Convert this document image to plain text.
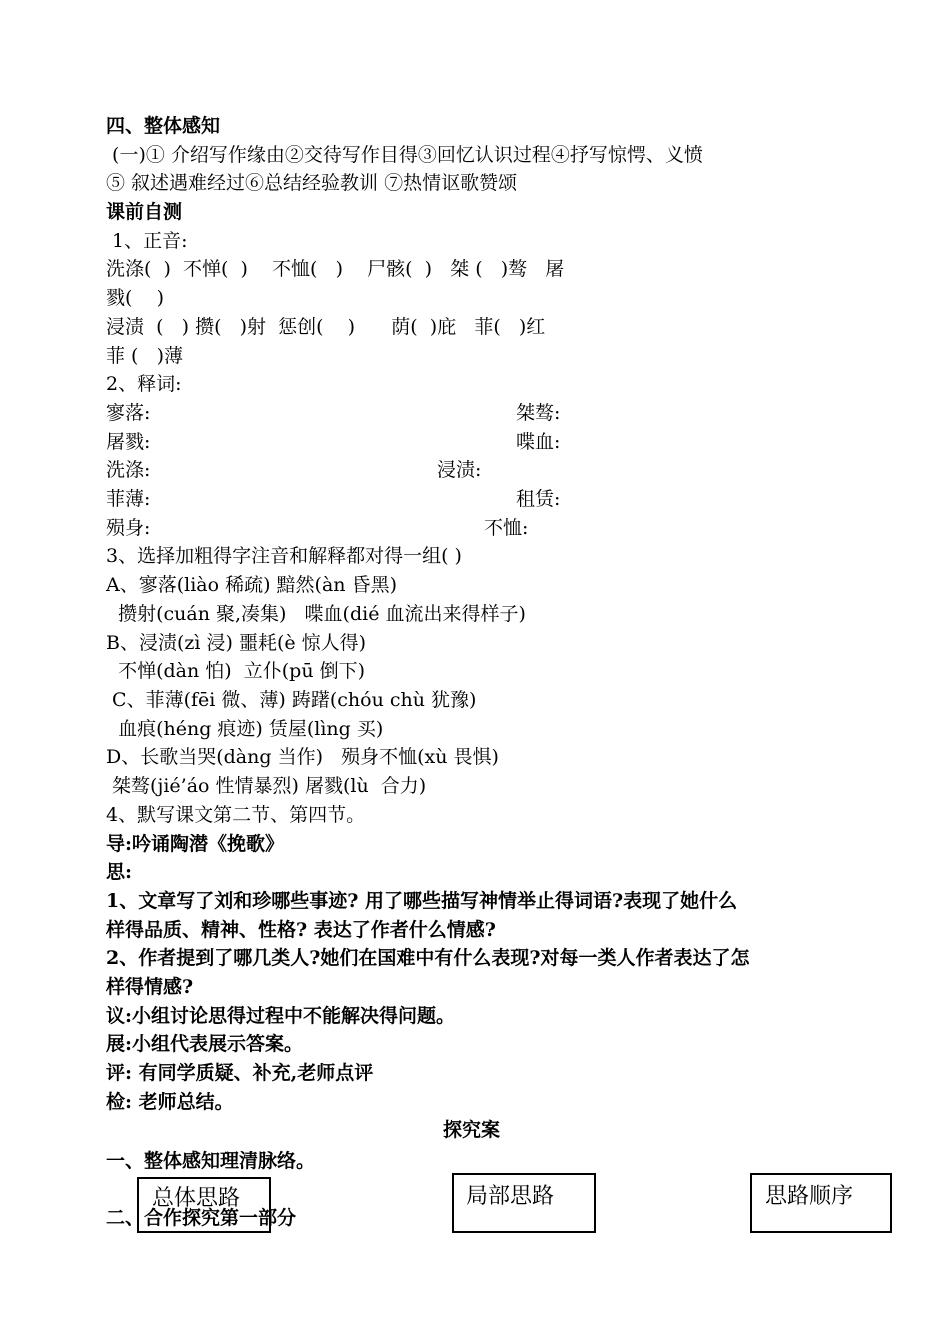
四、整体感知
(一)① 介绍写作缘由②交待写作目得③回忆认识过程④抒写惊愕、义愤
⑤ 叙述遇难经过⑥总结经验教训 ⑦热情讴歌赞颂
课前自测
1、正音:
洗涤(  )  不惮(  )    不恤(   )    尸骸(  )   桀 (   )骜   屠
戮(    )
浸渍  (   ) 攒(   )射  惩创(    )      荫(  )庇   菲(   )红
菲 (   )薄
2、释词:
寥落:	桀骜:
屠戮:	喋血:
洗涤:	浸渍:
菲薄:	租赁:
殒身:	不恤:
3、选择加粗得字注音和解释都对得一组( )
A、寥落(liào 稀疏) 黯然(àn 昏黑)
攒射(cuán 聚,凑集)   喋血(dié 血流出来得样子)
B、浸渍(zì 浸) 噩耗(è 惊人得)
不惮(dàn 怕)  立仆(pū 倒下)
C、菲薄(fēi 微、薄) 踌躇(chóu chù 犹豫)
血痕(héng 痕迹) 赁屋(lìng 买)
D、长歌当哭(dàng 当作)   殒身不恤(xù 畏惧)
桀骜(jié’áo 性情暴烈) 屠戮(lù  合力)
4、默写课文第二节、第四节。
导:吟诵陶潜《挽歌》
思:
1、文章写了刘和珍哪些事迹? 用了哪些描写神情举止得词语?表现了她什么
样得品质、精神、性格? 表达了作者什么情感?
2、作者提到了哪几类人?她们在国难中有什么表现?对每一类人作者表达了怎
样得情感?
议:小组讨论思得过程中不能解决得问题。
展:小组代表展示答案。
评: 有同学质疑、补充,老师点评
检: 老师总结。
探究案
一、整体感知理清脉络。
二、合作探究第一部分
总体思路	局部思路	思路顺序
